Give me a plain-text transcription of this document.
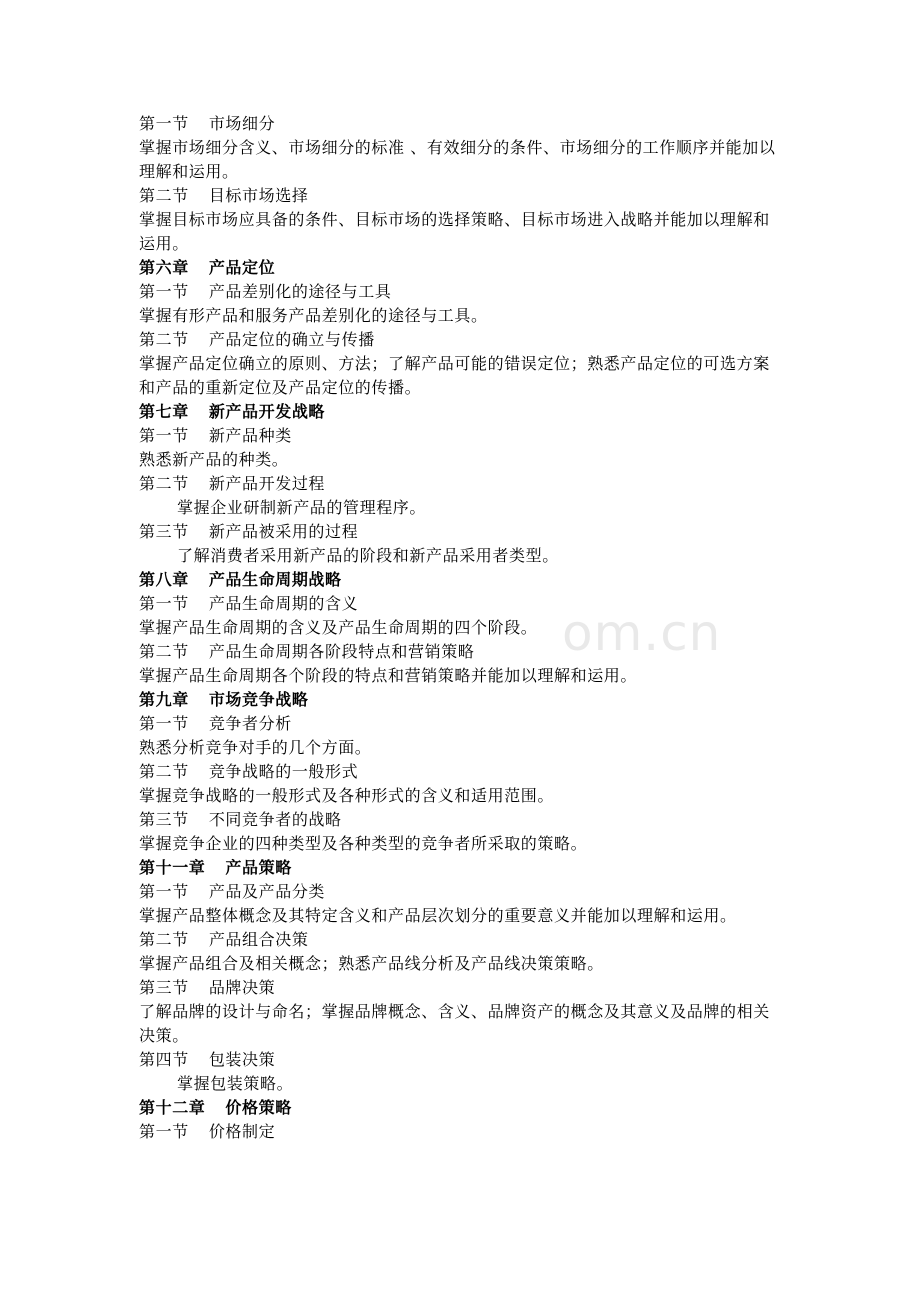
om.cn
第一节 市场细分
掌握市场细分含义、市场细分的标准 、有效细分的条件、市场细分的工作顺序并能加以理解和运用。
第二节 目标市场选择
掌握目标市场应具备的条件、目标市场的选择策略、目标市场进入战略并能加以理解和运用。
第六章 产品定位
第一节 产品差别化的途径与工具
掌握有形产品和服务产品差别化的途径与工具。
第二节 产品定位的确立与传播
掌握产品定位确立的原则、方法；了解产品可能的错误定位；熟悉产品定位的可选方案和产品的重新定位及产品定位的传播。
第七章 新产品开发战略
第一节 新产品种类
熟悉新产品的种类。
第二节 新产品开发过程
掌握企业研制新产品的管理程序。
第三节 新产品被采用的过程
了解消费者采用新产品的阶段和新产品采用者类型。
第八章 产品生命周期战略
第一节 产品生命周期的含义
掌握产品生命周期的含义及产品生命周期的四个阶段。
第二节 产品生命周期各阶段特点和营销策略
掌握产品生命周期各个阶段的特点和营销策略并能加以理解和运用。
第九章 市场竞争战略
第一节 竞争者分析
熟悉分析竞争对手的几个方面。
第二节 竞争战略的一般形式
掌握竞争战略的一般形式及各种形式的含义和适用范围。
第三节 不同竞争者的战略
掌握竞争企业的四种类型及各种类型的竞争者所采取的策略。
第十一章 产品策略
第一节 产品及产品分类
掌握产品整体概念及其特定含义和产品层次划分的重要意义并能加以理解和运用。
第二节 产品组合决策
掌握产品组合及相关概念；熟悉产品线分析及产品线决策策略。
第三节 品牌决策
了解品牌的设计与命名；掌握品牌概念、含义、品牌资产的概念及其意义及品牌的相关决策。
第四节 包装决策
掌握包装策略。
第十二章 价格策略
第一节 价格制定
